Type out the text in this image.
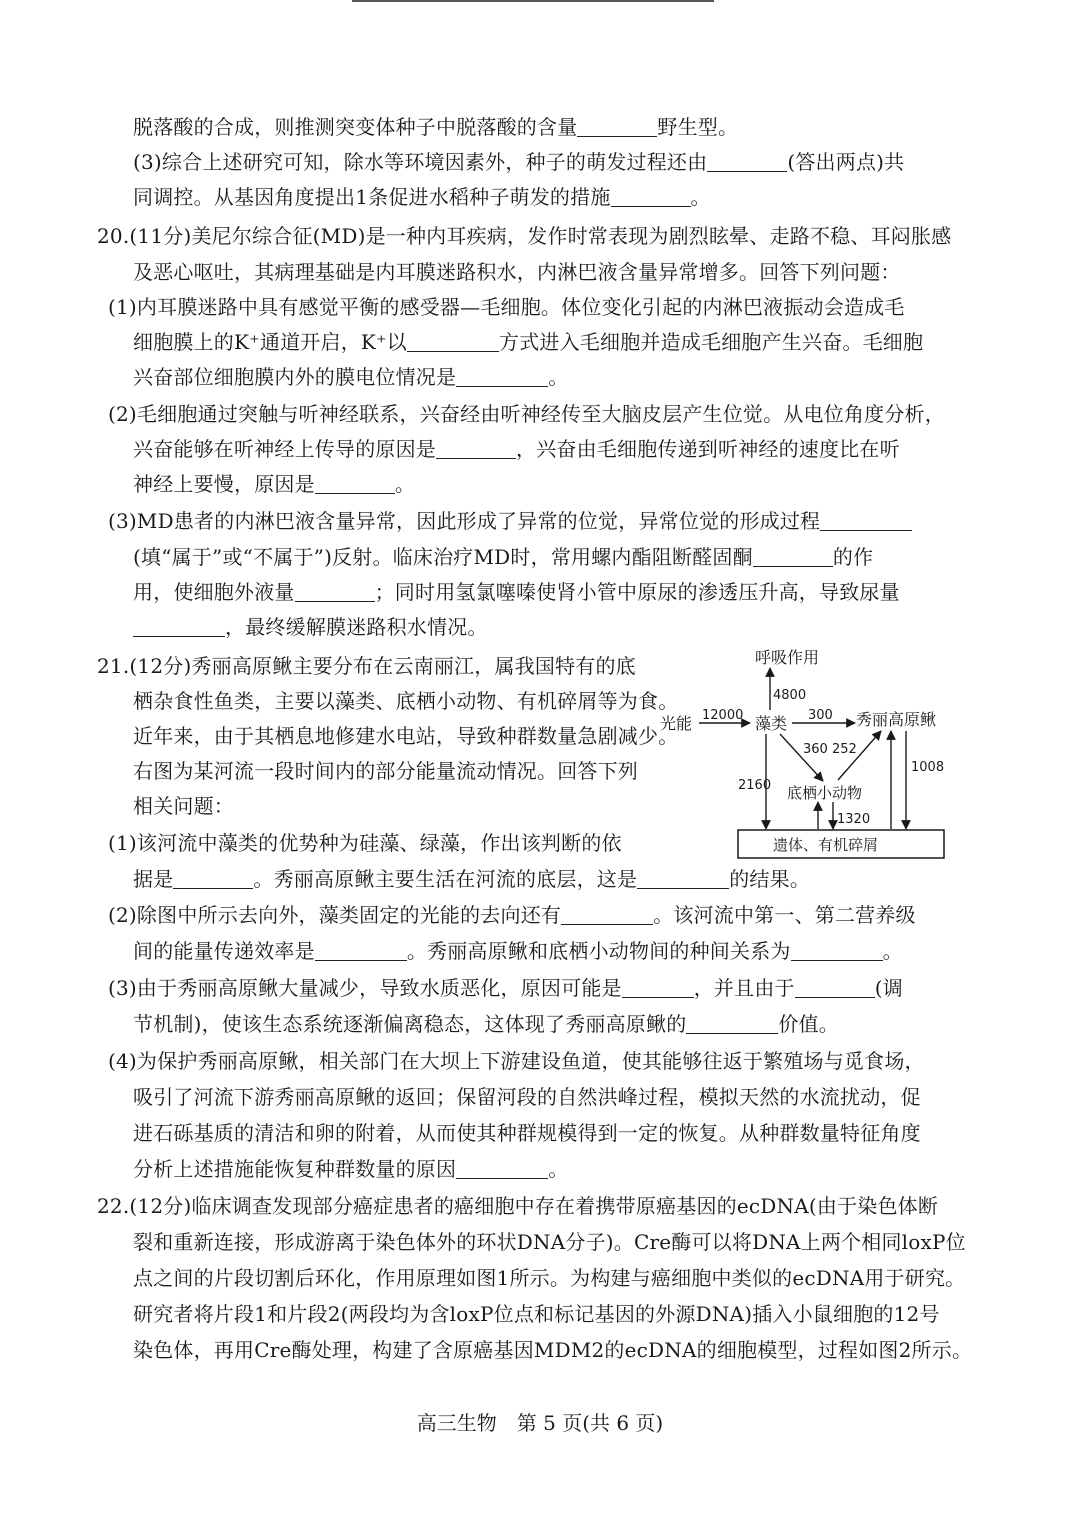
脱落酸的合成，则推测突变体种子中脱落酸的含量	野生型。
(3)综合上述研究可知，除水等环境因素外，种子的萌发过程还由	(答出两点)共
同调控。从基因角度提出1条促进水稻种子萌发的措施	。
20.(11分)美尼尔综合征(MD)是一种内耳疾病，发作时常表现为剧烈眩晕、走路不稳、耳闷胀感
及恶心呕吐，其病理基础是内耳膜迷路积水，内淋巴液含量异常增多。回答下列问题：
(1)内耳膜迷路中具有感觉平衡的感受器—毛细胞。体位变化引起的内淋巴液振动会造成毛
细胞膜上的K⁺通道开启，K⁺以	方式进入毛细胞并造成毛细胞产生兴奋。毛细胞
兴奋部位细胞膜内外的膜电位情况是	。
(2)毛细胞通过突触与听神经联系，兴奋经由听神经传至大脑皮层产生位觉。从电位角度分析，
兴奋能够在听神经上传导的原因是	，兴奋由毛细胞传递到听神经的速度比在听
神经上要慢，原因是	。
(3)MD患者的内淋巴液含量异常，因此形成了异常的位觉，异常位觉的形成过程
(填“属于”或“不属于”)反射。临床治疗MD时，常用螺内酯阻断醛固酮	的作
用，使细胞外液量	；同时用氢氯噻嗪使肾小管中原尿的渗透压升高，导致尿量
，最终缓解膜迷路积水情况。
21.(12分)秀丽高原鳅主要分布在云南丽江，属我国特有的底
栖杂食性鱼类，主要以藻类、底栖小动物、有机碎屑等为食。
近年来，由于其栖息地修建水电站，导致种群数量急剧减少。
右图为某河流一段时间内的部分能量流动情况。回答下列
相关问题：
(1)该河流中藻类的优势种为硅藻、绿藻，作出该判断的依
据是	。秀丽高原鳅主要生活在河流的底层，这是	的结果。
(2)除图中所示去向外，藻类固定的光能的去向还有	。该河流中第一、第二营养级
间的能量传递效率是	。秀丽高原鳅和底栖小动物间的种间关系为	。
(3)由于秀丽高原鳅大量减少，导致水质恶化，原因可能是	，并且由于	(调
节机制)，使该生态系统逐渐偏离稳态，这体现了秀丽高原鳅的	价值。
(4)为保护秀丽高原鳅，相关部门在大坝上下游建设鱼道，使其能够往返于繁殖场与觅食场，
吸引了河流下游秀丽高原鳅的返回；保留河段的自然洪峰过程，模拟天然的水流扰动，促
进石砾基质的清洁和卵的附着，从而使其种群规模得到一定的恢复。从种群数量特征角度
分析上述措施能恢复种群数量的原因	。
22.(12分)临床调查发现部分癌症患者的癌细胞中存在着携带原癌基因的ecDNA(由于染色体断
裂和重新连接，形成游离于染色体外的环状DNA分子)。Cre酶可以将DNA上两个相同loxP位
点之间的片段切割后环化，作用原理如图1所示。为构建与癌细胞中类似的ecDNA用于研究。
研究者将片段1和片段2(两段均为含loxP位点和标记基因的外源DNA)插入小鼠细胞的12号
染色体，再用Cre酶处理，构建了含原癌基因MDM2的ecDNA的细胞模型，过程如图2所示。
高三生物　第 5 页(共 6 页)
呼吸作用
光能	藻类	秀丽高原鳅
底栖小动物
遗体、有机碎屑
12000
4800
300
360 252
2160
1320
1008
